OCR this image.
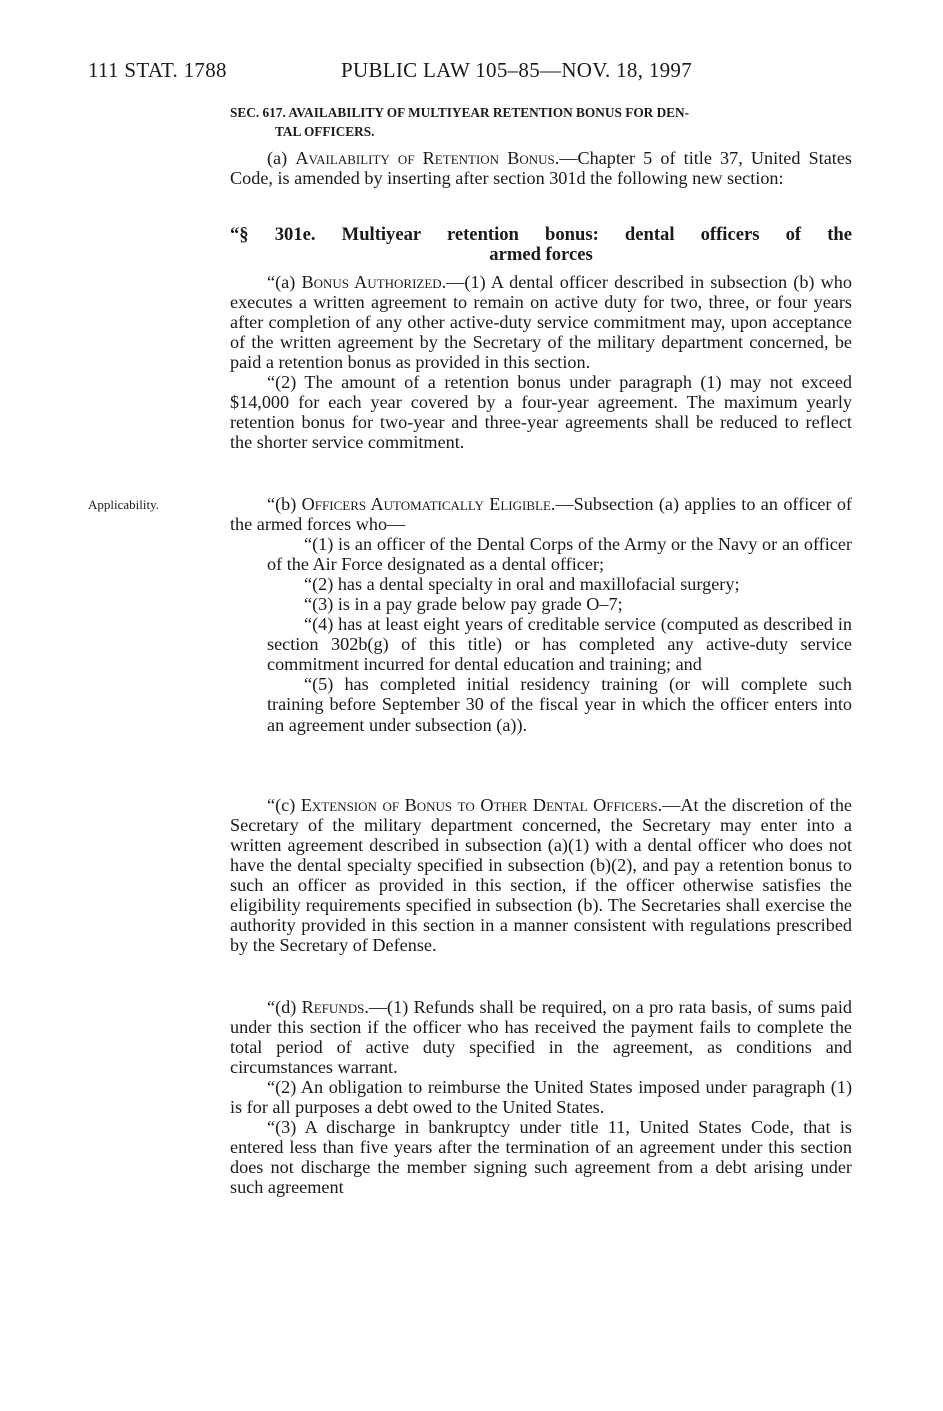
111 STAT. 1788	PUBLIC LAW 105–85—NOV. 18, 1997
SEC. 617. AVAILABILITY OF MULTIYEAR RETENTION BONUS FOR DEN-
TAL OFFICERS.

(a) Availability of Retention Bonus.—Chapter 5 of title 37, United States Code, is amended by inserting after section 301d the following new section:

“§ 301e. Multiyear retention bonus: dental officers of the
armed forces

“(a) Bonus Authorized.—(1) A dental officer described in subsection (b) who executes a written agreement to remain on active duty for two, three, or four years after completion of any other active-duty service commitment may, upon acceptance of the written agreement by the Secretary of the military department concerned, be paid a retention bonus as provided in this section.

“(2) The amount of a retention bonus under paragraph (1) may not exceed $14,000 for each year covered by a four-year agreement. The maximum yearly retention bonus for two-year and three-year agreements shall be reduced to reflect the shorter service commitment.

Applicability.	“(b) Officers Automatically Eligible.—Subsection (a) applies to an officer of the armed forces who—

“(1) is an officer of the Dental Corps of the Army or the Navy or an officer of the Air Force designated as a dental officer;

“(2) has a dental specialty in oral and maxillofacial surgery;

“(3) is in a pay grade below pay grade O–7;

“(4) has at least eight years of creditable service (computed as described in section 302b(g) of this title) or has completed any active-duty service commitment incurred for dental education and training; and

“(5) has completed initial residency training (or will complete such training before September 30 of the fiscal year in which the officer enters into an agreement under subsection (a)).

“(c) Extension of Bonus to Other Dental Officers.—At the discretion of the Secretary of the military department concerned, the Secretary may enter into a written agreement described in subsection (a)(1) with a dental officer who does not have the dental specialty specified in subsection (b)(2), and pay a retention bonus to such an officer as provided in this section, if the officer otherwise satisfies the eligibility requirements specified in subsection (b). The Secretaries shall exercise the authority provided in this section in a manner consistent with regulations prescribed by the Secretary of Defense.

“(d) Refunds.—(1) Refunds shall be required, on a pro rata basis, of sums paid under this section if the officer who has received the payment fails to complete the total period of active duty specified in the agreement, as conditions and circumstances warrant.

“(2) An obligation to reimburse the United States imposed under paragraph (1) is for all purposes a debt owed to the United States.

“(3) A discharge in bankruptcy under title 11, United States Code, that is entered less than five years after the termination of an agreement under this section does not discharge the member signing such agreement from a debt arising under such agreement
